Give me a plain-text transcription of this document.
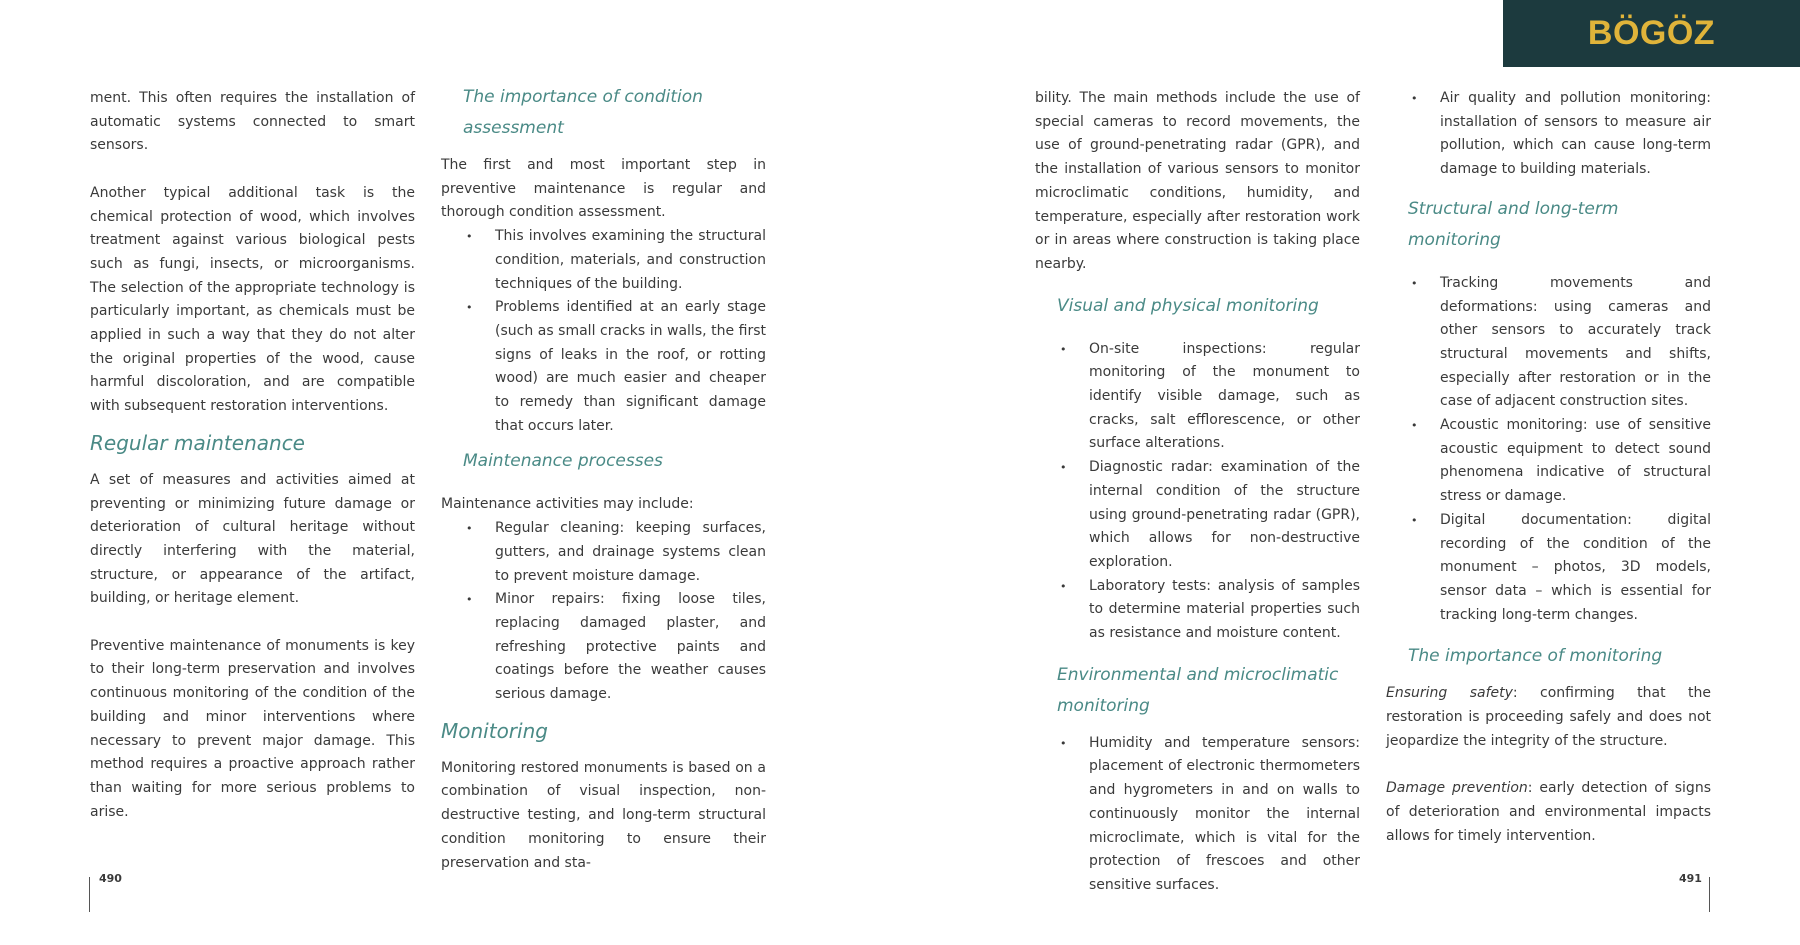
BÖGÖZ

ment. This often requires the installation of automatic systems connected to smart sensors.

Another typical additional task is the chemical protection of wood, which involves treatment against various biological pests such as fungi, insects, or microorganisms. The selection of the appropriate technology is particularly important, as chemicals must be applied in such a way that they do not alter the original properties of the wood, cause harmful discoloration, and are compatible with subsequent restoration interventions.

Regular maintenance

A set of measures and activities aimed at preventing or minimizing future damage or deterioration of cultural heritage without directly interfering with the material, structure, or appearance of the artifact, building, or heritage element.

Preventive maintenance of monuments is key to their long-term preservation and involves continuous monitoring of the condition of the building and minor interventions where necessary to prevent major damage. This method requires a proactive approach rather than waiting for more serious problems to arise.

The importance of condition assessment

The first and most important step in preventive maintenance is regular and thorough condition assessment.

• This involves examining the structural condition, materials, and construction techniques of the building.
• Problems identified at an early stage (such as small cracks in walls, the first signs of leaks in the roof, or rotting wood) are much easier and cheaper to remedy than significant damage that occurs later.
Maintenance processes

Maintenance activities may include:

• Regular cleaning: keeping surfaces, gutters, and drainage systems clean to prevent moisture damage.
• Minor repairs: fixing loose tiles, replacing damaged plaster, and refreshing protective paints and coatings before the weather causes serious damage.
Monitoring

Monitoring restored monuments is based on a combination of visual inspection, non-destructive testing, and long-term structural condition monitoring to ensure their preservation and sta-

bility. The main methods include the use of special cameras to record movements, the use of ground-penetrating radar (GPR), and the installation of various sensors to monitor microclimatic conditions, humidity, and temperature, especially after restoration work or in areas where construction is taking place nearby.

Visual and physical monitoring
• On-site inspections: regular monitoring of the monument to identify visible damage, such as cracks, salt efflorescence, or other surface alterations.
• Diagnostic radar: examination of the internal condition of the structure using ground-penetrating radar (GPR), which allows for non-destructive exploration.
• Laboratory tests: analysis of samples to determine material properties such as resistance and moisture content.
Environmental and microclimatic monitoring
• Humidity and temperature sensors: placement of electronic thermometers and hygrometers in and on walls to continuously monitor the internal microclimate, which is vital for the protection of frescoes and other sensitive surfaces.
• Air quality and pollution monitoring: installation of sensors to measure air pollution, which can cause long-term damage to building materials.
Structural and long-term monitoring
• Tracking movements and deformations: using cameras and other sensors to accurately track structural movements and shifts, especially after restoration or in the case of adjacent construction sites.
• Acoustic monitoring: use of sensitive acoustic equipment to detect sound phenomena indicative of structural stress or damage.
• Digital documentation: digital recording of the condition of the monument – photos, 3D models, sensor data – which is essential for tracking long-term changes.
The importance of monitoring

Ensuring safety: confirming that the restoration is proceeding safely and does not jeopardize the integrity of the structure.

Damage prevention: early detection of signs of deterioration and environmental impacts allows for timely intervention.

490	491
